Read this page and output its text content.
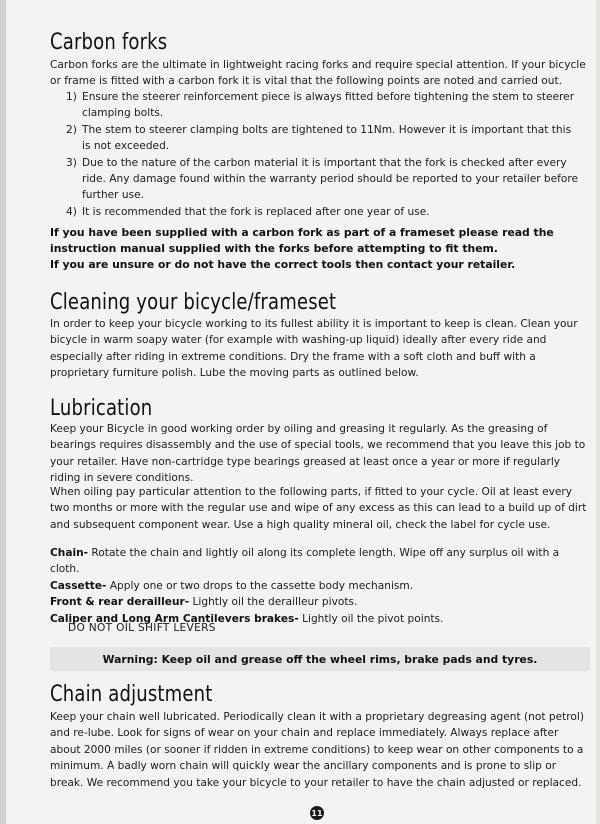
Carbon forks

Carbon forks are the ultimate in lightweight racing forks and require special attention. If your bicycle or frame is fitted with a carbon fork it is vital that the following points are noted and carried out.

1) Ensure the steerer reinforcement piece is always fitted before tightening the stem to steerer clamping bolts.
2) The stem to steerer clamping bolts are tightened to 11Nm. However it is important that this is not exceeded.
3) Due to the nature of the carbon material it is important that the fork is checked after every ride. Any damage found within the warranty period should be reported to your retailer before further use.
4) It is recommended that the fork is replaced after one year of use.

If you have been supplied with a carbon fork as part of a frameset please read the instruction manual supplied with the forks before attempting to fit them.

If you are unsure or do not have the correct tools then contact your retailer.

Cleaning your bicycle/frameset

In order to keep your bicycle working to its fullest ability it is important to keep is clean. Clean your bicycle in warm soapy water (for example with washing-up liquid) ideally after every ride and especially after riding in extreme conditions. Dry the frame with a soft cloth and buff with a proprietary furniture polish. Lube the moving parts as outlined below.

Lubrication

Keep your Bicycle in good working order by oiling and greasing it regularly. As the greasing of bearings requires disassembly and the use of special tools, we recommend that you leave this job to your retailer. Have non-cartridge type bearings greased at least once a year or more if regularly riding in severe conditions.

When oiling pay particular attention to the following parts, if fitted to your cycle. Oil at least every two months or more with the regular use and wipe of any excess as this can lead to a build up of dirt and subsequent component wear. Use a high quality mineral oil, check the label for cycle use.

Chain- Rotate the chain and lightly oil along its complete length. Wipe off any surplus oil with a cloth.
Cassette- Apply one or two drops to the cassette body mechanism.
Front & rear derailleur- Lightly oil the derailleur pivots.
Caliper and Long Arm Cantilevers brakes- Lightly oil the pivot points.
DO NOT OIL SHIFT LEVERS
Warning: Keep oil and grease off the wheel rims, brake pads and tyres.
Chain adjustment

Keep your chain well lubricated. Periodically clean it with a proprietary degreasing agent (not petrol) and re-lube. Look for signs of wear on your chain and replace immediately. Always replace after about 2000 miles (or sooner if ridden in extreme conditions) to keep wear on other components to a minimum. A badly worn chain will quickly wear the ancillary components and is prone to slip or break. We recommend you take your bicycle to your retailer to have the chain adjusted or replaced.

11
